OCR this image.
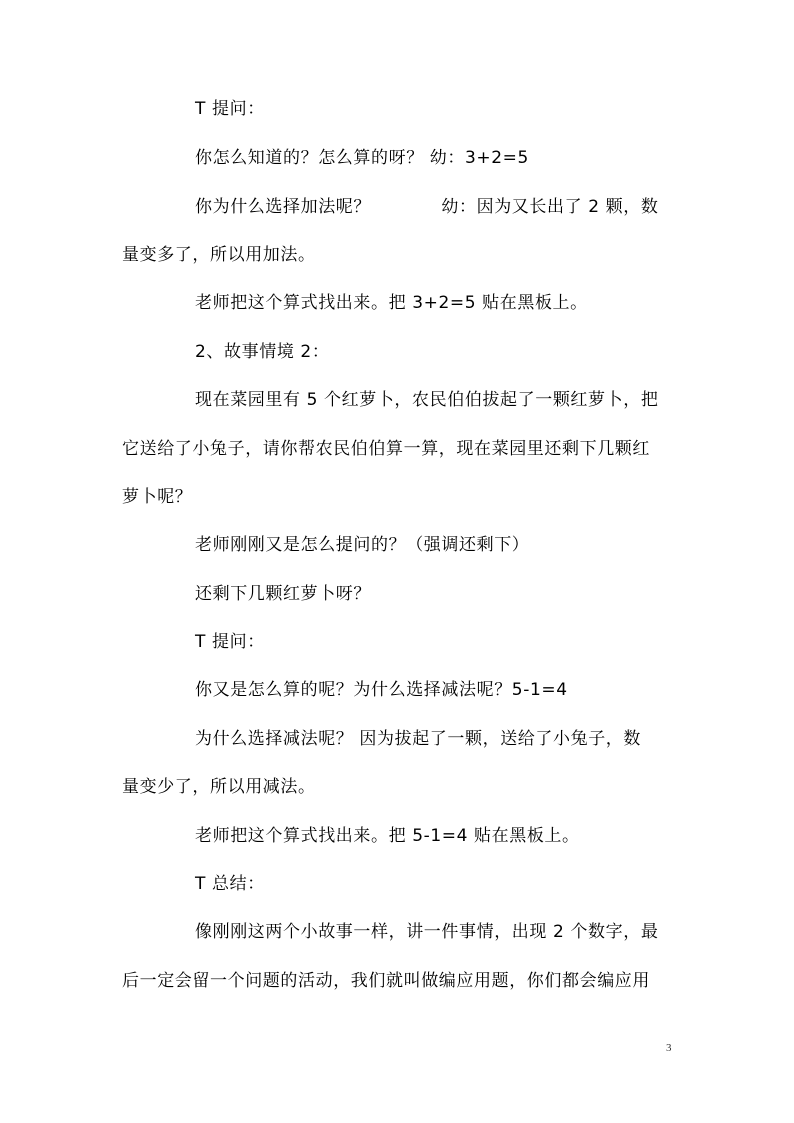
T 提问：
你怎么知道的？怎么算的呀？ 幼：3+2=5
你为什么选择加法呢？　　　　幼：因为又长出了 2 颗，数
量变多了，所以用加法。
老师把这个算式找出来。把 3+2=5 贴在黑板上。
2、故事情境 2：
现在菜园里有 5 个红萝卜，农民伯伯拔起了一颗红萝卜，把
它送给了小兔子，请你帮农民伯伯算一算，现在菜园里还剩下几颗红
萝卜呢？
老师刚刚又是怎么提问的？（强调还剩下）
还剩下几颗红萝卜呀？
T 提问：
你又是怎么算的呢？为什么选择减法呢？5-1=4
为什么选择减法呢？ 因为拔起了一颗，送给了小兔子，数
量变少了，所以用减法。
老师把这个算式找出来。把 5-1=4 贴在黑板上。
T 总结：
像刚刚这两个小故事一样，讲一件事情，出现 2 个数字，最
后一定会留一个问题的活动，我们就叫做编应用题，你们都会编应用
3
